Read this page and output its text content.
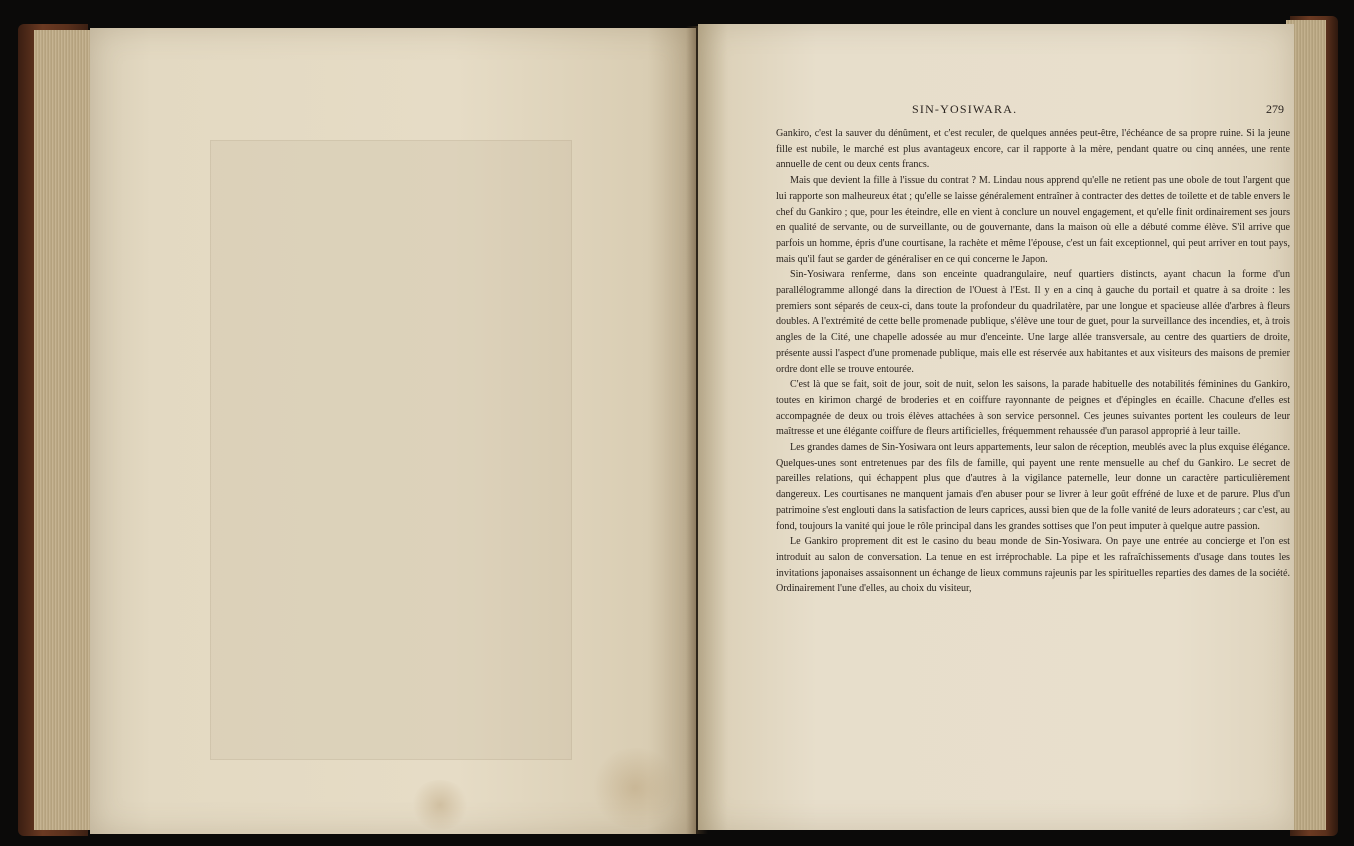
SIN-YOSIWARA.	279

Gankiro, c'est la sauver du dénûment, et c'est reculer, de quelques années peut-être, l'échéance de sa propre ruine. Si la jeune fille est nubile, le marché est plus avantageux encore, car il rapporte à la mère, pendant quatre ou cinq années, une rente annuelle de cent ou deux cents francs.

Mais que devient la fille à l'issue du contrat ? M. Lindau nous apprend qu'elle ne retient pas une obole de tout l'argent que lui rapporte son malheureux état ; qu'elle se laisse généralement entraîner à contracter des dettes de toilette et de table envers le chef du Gankiro ; que, pour les éteindre, elle en vient à conclure un nouvel engagement, et qu'elle finit ordinairement ses jours en qualité de servante, ou de surveillante, ou de gouvernante, dans la maison où elle a débuté comme élève. S'il arrive que parfois un homme, épris d'une courtisane, la rachète et même l'épouse, c'est un fait exceptionnel, qui peut arriver en tout pays, mais qu'il faut se garder de généraliser en ce qui concerne le Japon.

Sin-Yosiwara renferme, dans son enceinte quadrangulaire, neuf quartiers distincts, ayant chacun la forme d'un parallélogramme allongé dans la direction de l'Ouest à l'Est. Il y en a cinq à gauche du portail et quatre à sa droite : les premiers sont séparés de ceux-ci, dans toute la profondeur du quadrilatère, par une longue et spacieuse allée d'arbres à fleurs doubles. A l'extrémité de cette belle promenade publique, s'élève une tour de guet, pour la surveillance des incendies, et, à trois angles de la Cité, une chapelle adossée au mur d'enceinte. Une large allée transversale, au centre des quartiers de droite, présente aussi l'aspect d'une promenade publique, mais elle est réservée aux habitantes et aux visiteurs des maisons de premier ordre dont elle se trouve entourée.

C'est là que se fait, soit de jour, soit de nuit, selon les saisons, la parade habituelle des notabilités féminines du Gankiro, toutes en kirimon chargé de broderies et en coiffure rayonnante de peignes et d'épingles en écaille. Chacune d'elles est accompagnée de deux ou trois élèves attachées à son service personnel. Ces jeunes suivantes portent les couleurs de leur maîtresse et une élégante coiffure de fleurs artificielles, fréquemment rehaussée d'un parasol approprié à leur taille.

Les grandes dames de Sin-Yosiwara ont leurs appartements, leur salon de réception, meublés avec la plus exquise élégance. Quelques-unes sont entretenues par des fils de famille, qui payent une rente mensuelle au chef du Gankiro. Le secret de pareilles relations, qui échappent plus que d'autres à la vigilance paternelle, leur donne un caractère particulièrement dangereux. Les courtisanes ne manquent jamais d'en abuser pour se livrer à leur goût effréné de luxe et de parure. Plus d'un patrimoine s'est englouti dans la satisfaction de leurs caprices, aussi bien que de la folle vanité de leurs adorateurs ; car c'est, au fond, toujours la vanité qui joue le rôle principal dans les grandes sottises que l'on peut imputer à quelque autre passion.

Le Gankiro proprement dit est le casino du beau monde de Sin-Yosiwara. On paye une entrée au concierge et l'on est introduit au salon de conversation. La tenue en est irréprochable. La pipe et les rafraîchissements d'usage dans toutes les invitations japonaises assaisonnent un échange de lieux communs rajeunis par les spirituelles reparties des dames de la société. Ordinairement l'une d'elles, au choix du visiteur,
